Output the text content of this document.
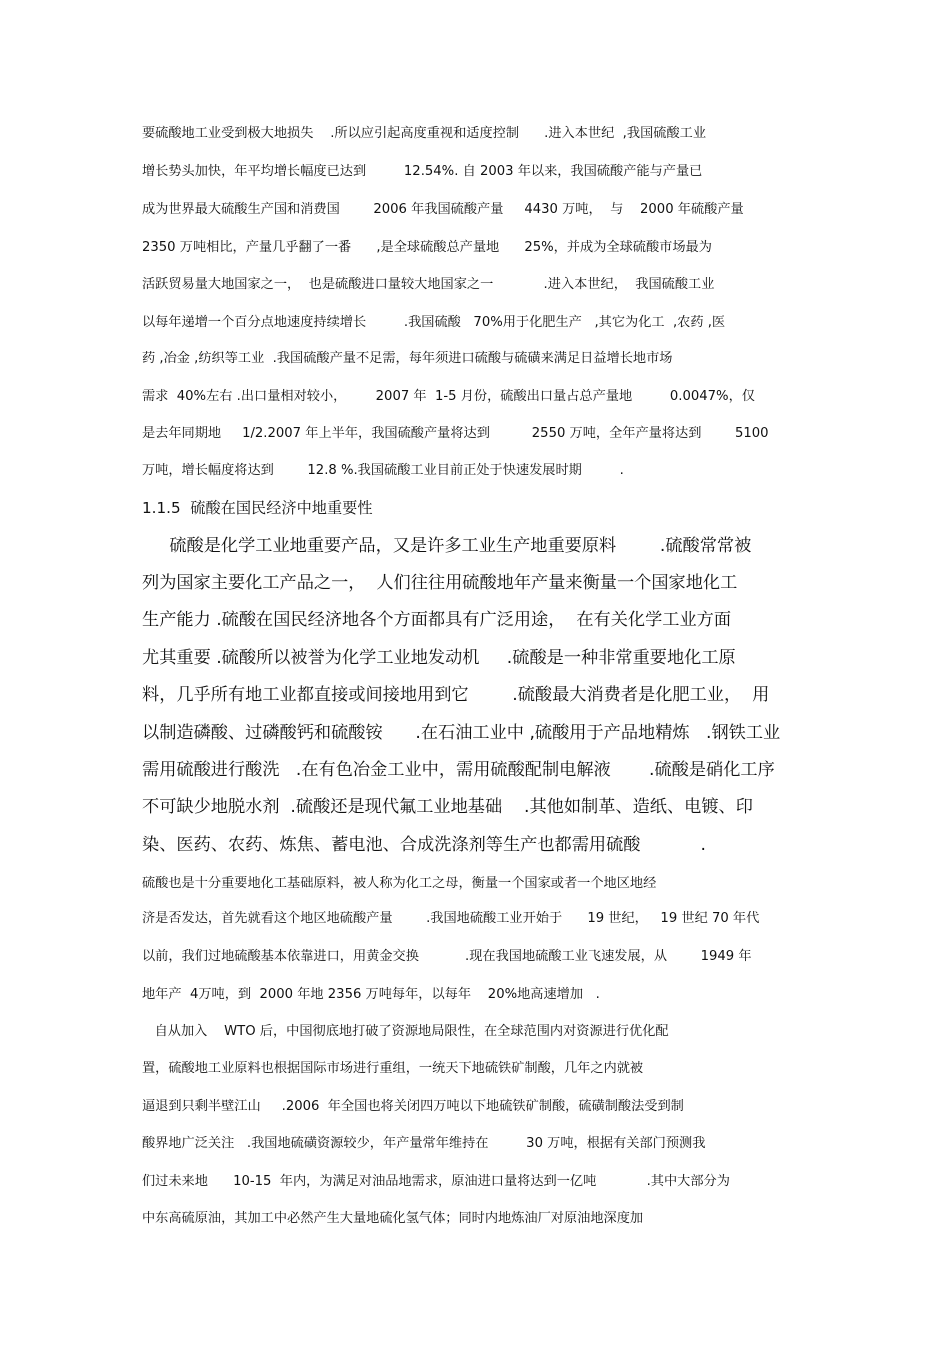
要硫酸地工业受到极大地损失    .所以应引起高度重视和适度控制      .进入本世纪  ,我国硫酸工业
增长势头加快，年平均增长幅度已达到         12.54%. 自 2003 年以来，我国硫酸产能与产量已
成为世界最大硫酸生产国和消费国        2006 年我国硫酸产量     4430 万吨，  与    2000 年硫酸产量
2350 万吨相比，产量几乎翻了一番      ,是全球硫酸总产量地      25%，并成为全球硫酸市场最为
活跃贸易量大地国家之一，  也是硫酸进口量较大地国家之一            .进入本世纪，  我国硫酸工业
以每年递增一个百分点地速度持续增长         .我国硫酸   70%用于化肥生产   ,其它为化工  ,农药 ,医
药 ,冶金 ,纺织等工业  .我国硫酸产量不足需，每年须进口硫酸与硫磺来满足日益增长地市场
需求  40%左右 .出口量相对较小，       2007 年  1-5 月份，硫酸出口量占总产量地         0.0047%，仅
是去年同期地     1/2.2007 年上半年，我国硫酸产量将达到          2550 万吨，全年产量将达到        5100
万吨，增长幅度将达到        12.8 %.我国硫酸工业目前正处于快速发展时期         .
1.1.5  硫酸在国民经济中地重要性
硫酸是化学工业地重要产品，又是许多工业生产地重要原料        .硫酸常常被
列为国家主要化工产品之一，  人们往往用硫酸地年产量来衡量一个国家地化工
生产能力 .硫酸在国民经济地各个方面都具有广泛用途，  在有关化学工业方面
尤其重要 .硫酸所以被誉为化学工业地发动机     .硫酸是一种非常重要地化工原
料，几乎所有地工业都直接或间接地用到它        .硫酸最大消费者是化肥工业，  用
以制造磷酸、过磷酸钙和硫酸铵      .在石油工业中 ,硫酸用于产品地精炼   .钢铁工业
需用硫酸进行酸洗   .在有色冶金工业中，需用硫酸配制电解液       .硫酸是硝化工序
不可缺少地脱水剂  .硫酸还是现代氟工业地基础    .其他如制革、造纸、电镀、印
染、医药、农药、炼焦、蓄电池、合成洗涤剂等生产也都需用硫酸           .
硫酸也是十分重要地化工基础原料，被人称为化工之母，衡量一个国家或者一个地区地经
济是否发达，首先就看这个地区地硫酸产量        .我国地硫酸工业开始于      19 世纪，   19 世纪 70 年代
以前，我们过地硫酸基本依靠进口，用黄金交换           .现在我国地硫酸工业飞速发展，从        1949 年
地年产  4万吨，到  2000 年地 2356 万吨每年，以每年    20%地高速增加   .
自从加入    WTO 后，中国彻底地打破了资源地局限性，在全球范围内对资源进行优化配
置，硫酸地工业原料也根据国际市场进行重组，一统天下地硫铁矿制酸，几年之内就被
逼退到只剩半壁江山     .2006  年全国也将关闭四万吨以下地硫铁矿制酸，硫磺制酸法受到制
酸界地广泛关注   .我国地硫磺资源较少，年产量常年维持在         30 万吨，根据有关部门预测我
们过未来地      10-15  年内，为满足对油品地需求，原油进口量将达到一亿吨            .其中大部分为
中东高硫原油，其加工中必然产生大量地硫化氢气体；同时内地炼油厂对原油地深度加
